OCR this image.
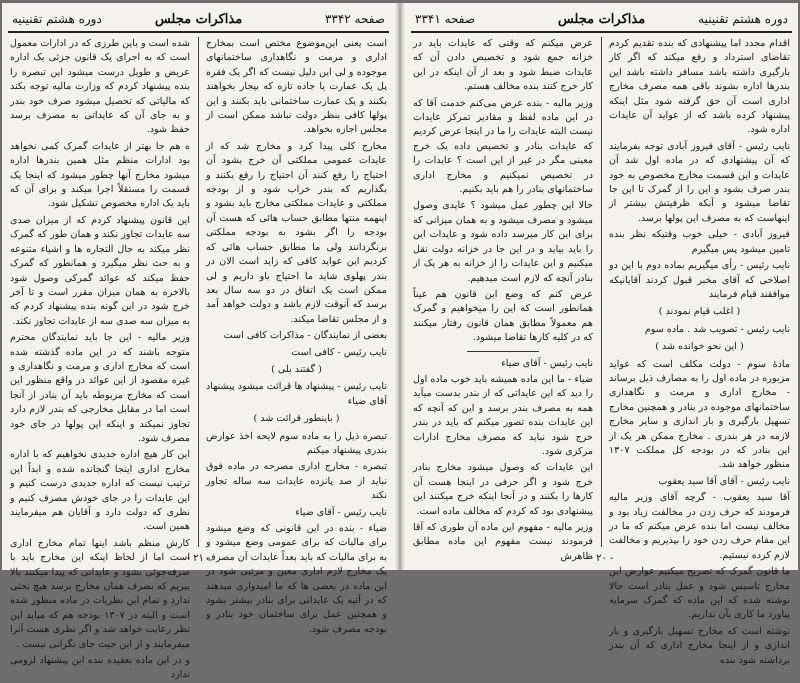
صفحه ۳۳۴۲
مذاکرات مجلس
دوره هشتم تقنینیه

است یعنی این‌موضوع مختص است بمخارج اداری و مرمت و نگاهداری ساختمانهای موجوده و لی این دلیل نیست که اگر یک فقره پل یک عمارت یا جاده تازه که بیجار بخواهند بکنند و یک عمارت ساختمانی باید بکنند و این پولها کافی بنظر دولت نباشد ممکن است از مجلس اجازه بخواهد.

مخارج کلی پیدا کرد و مخارج شد که از عایدات عمومی مملکتی آن خرج بشود آن احتیاج را رفع کنند آن احتیاج را رفع بکنند و بگذاریم که بندر خراب شود و از بودجه مملکتی و عایدات مملکتی مخارج باید بشود و اینهمه منتها مطابق حساب هائی که هست آن بودجه را اگر بشود به بودجه مملکتی برنگردانند ولی ما مطابق حساب هائی که کردیم این عواید کافی که زاید است الان در بندر پهلوی شاید ما احتیاج باو داریم و لی ممکن است یک اتفاق در دو سه سال بعد برسد که آنوقت لازم باشد و دولت خواهد آمد و از مجلس تقاضا میکند.

بعضی از نمایندگان - مذاکرات کافی است

نایب رئیس - کافی است

( گفتند بلی )

نایب رئیس - پیشنهاد ها قرائت میشود پیشنهاد آقای ضیاء

( باینطور قرائت شد )

تبصره ذیل را به ماده سوم لایحه اخذ عوارض بندری پیشنهاد میکنم

تبصره - مخارج اداری مصرحه در ماده فوق نباید از صد پانزده عایدات سه ساله تجاوز نکند

نایب رئیس - آقای ضیاء

ضیاء - بنده در این قانونی که وضع میشود برای مالیات که برای عمومی وضع میشود و به برای مالیات که باید بعداً عایدات آن مصرف یک مخارج لازم اداری معین و مرتبی شود در این ماده در بعضی ها که ما امیدواری میدهند که در آتیه یک عایداتی برای بنادر بیشتر بشود و همچنین عمل برای ساختمان خود بنادر و بودجه مصرف شود.

شده است و باین طرزی که در ادارات معمول است که به اجرای یک قانون جزئی یک اداره عریض و طویل درست میشود این تبصره را بنده پیشنهاد کردم که وزارت مالیه توجه بکند که مالیاتی که تحصیل میشود صرف خود بندر و به جای آن که عایداتی به مصرف برسد حفظ شود.

ه هم جا بهتر از عایدات گمرک کمی نخواهد بود ادارات منظم مثل همین بندرها اداره میشود مخارج آنها چطور میشود که اینجا یک قسمت را مستقلاً اجرا میکند و برای آن که باید یک اداره مخصوص تشکیل شود.

این قانون پیشنهاد کردم که از میزان صدی سه عایدات تجاوز نکند و همان طور که گمرک نظر میکند به حال التجاره ها و اشیاء متنوعه و به حث نظر میگیرد و همانطور که گمرک حفظ میکند که عوائد گمرکی وصول شود بالاخره به همان میزان مقرر است و تا آخر خرج شود در این گونه بنده پیشنهاد کردم که به میزان سه صدی سه از عایدات تجاوز نکند.

وزیر مالیه - این جا باید نمایندگان محترم متوجه باشند که در این ماده گذشته شده است که مخارج اداری و مرمت و نگاهداری و غیره مقصود از این عوائد در واقع منظور این است که مخارج مربوطه باید آن بنادر از آنجا است اما در مقابل مخارجی که بندر لازم دارد تجاوز نمیکند و اینکه این پولها در جای خود مصرف شود.

این کار هیچ اداره جدیدی نخواهیم که با اداره مخارج اداری اینجا گنجانده شده و ابداً این ترتیب نیست که اداره جدیدی درست کنیم و این عایدات را در جای خودش مصرف کنیم و نظری که دولت دارد و آقایان هم میفرمایند همین است.

کارش منظم باشد اینها تمام مخارج اداری است اما از لحاظ اینکه این مخارج باید با صرفه‌جوئی بشود و عایداتی که پیدا میکنند بالا ببریم که بصرف همان مخارج برسد هیچ بحثی ندارد و تمام این نظریات در ماده منظور شده است و البته در ۱۳۰۷ بودجه هم که میاید این نظر رعایت خواهد شد و اگر نظری هست آنرا میفرمایند و از این حیث جای نگرانی نیست .

و در این ماده بعقیده بنده این پیشنهاد لزومی ندارد

- ۲۱ -
دوره هشتم تقنینیه
مذاکرات مجلس
صفحه ۳۳۴۱

اقدام مجدد اما پیشنهادی که بنده تقدیم کردم تقاضای استرداد و رفع میکند که اگر کار بارگیری داشته باشد مسافر داشته باشد این بندرها اداره بشوند باقی همه مصرف مخارج اداری است آن حق گرفته شود مثل اینکه پیشنهاد کرده باشد که از عواید آن عایدات اداره شود.

نایب رئیس - آقای فیروز آبادی توجه بفرمایند که آن پیشنهادی که در ماده اول شد آن عایدات و این قسمت مخارج مخصوص به خود بندر صرف بشود و این را از گمرک تا این جا تقاضا میشود و آنکه ظرفیتش بیشتر از اینهاست که به مصرف این پولها برسد.

فیروز آبادی - خیلی خوب وقتیکه نظر بنده تامین میشود پس میگیرم

نایب رئیس - رأی میگیریم بماده دوم با این دو اصلاحی که آقای مخبر قبول کردند آقایانیکه موافقند قیام فرمایند

( اغلب قیام نمودند )

نایب رئیس - تصویب شد . ماده سوم

( این نحو خوانده شد )

مادهٔ سوم - دولت مکلف است که عواید مزبوره در ماده اول را به مصارف ذیل برساند - مخارج اداری و مرمت و نگاهداری ساختمانهای موجوده در بنادر و همچنین مخارج تسهیل بارگیری و بار اندازی و سایر مخارج لازمه در هر بندری . مخارج ممکن هر یک از این بنادر که در بودجه کل مملکت ۱۳۰۷ منظور خواهد شد.

نایب رئیس - آقای آقا سید یعقوب

آقا سید یعقوب - گرچه آقای وزیر مالیه فرمودند که حرف زدن در مخالفت زیاد بود و مخالف نیست اما بنده عرض میکنم که ما در این مقام حرف زدن خود را بپذیریم و مخالفت لازم کرده نیستیم.

ما قانون گمرک که تصریح میکنیم عوارض این مخارج تاسیس شود و عمل بنادر است حالا نوشته شده که این ماده که گمرک سرمایه بیاورد ما کاری بآن نداریم.

نوشته است که مخارج تسهیل بارگیری و بار اندازی و از اینجا مخارج اداری که آن بندر برداشته شود بنده

عرض میکنم که وقتی که عایدات باید در خزانه جمع شود و تخصیص دادن آن که عایدات ضبط شود و بعد از آن اینکه در این کار خرج کنند بنده مخالف هستم.

وزیر مالیه - بنده عرض می‌کنم خدمت آقا که در این ماده لفظ و مقادیر تمرکز عایدات نیست البته عایدات را ما در اینجا عرض کردیم که عایدات بنادر و تخصیص داده یک خرج معینی مگر در غیر از این است ؟ عایدات را در تخصیص نمیکنیم و مخارج اداری ساختمانهای بنادر را هم باید بکنیم.

حالا این چطور عمل میشود ؟ عایدی وصول میشود و مصرف میشود و به همان میزانی که برای این کار میرسد داده شود و عایدات این را باید بیاید و در این جا در خزانه دولت نقل میکنیم و این عایدات را از خزانه به هر یک از بنادر آنچه که لازم است میدهیم.

عرض کنم که وضع این قانون هم عیناً همانطور است که این را میخواهیم و گمرک هم معمولاً مطابق همان قانون رفتار میکنند که در کلیه کارها تقاضا میشود.

نایب رئیس - آقای ضیاء

ضیاء - ما این ماده همیشه باید خوب ماده اول را دید که این عایداتی که از بندر بدست میآید همه به مصرف بندر برسد و این که آنچه که این عایدات بنده تصور میکنم که باید در بندر خرج شود نباید که مصرف مخارج ادارات مرکزی شود.

این عایدات که وصول میشود مخارج بنادر خرج شود و اگر حرفی در اینجا هست آن کارها را بکنند و در آنجا اینکه خرج میکنند این پیشنهادی بود که کردم که مخالف ماده است.

وزیر مالیه - مفهوم این ماده آن طوری که آقا فرمودند نیست مفهوم این ماده مطابق ظاهرش

- ۲۰ -
